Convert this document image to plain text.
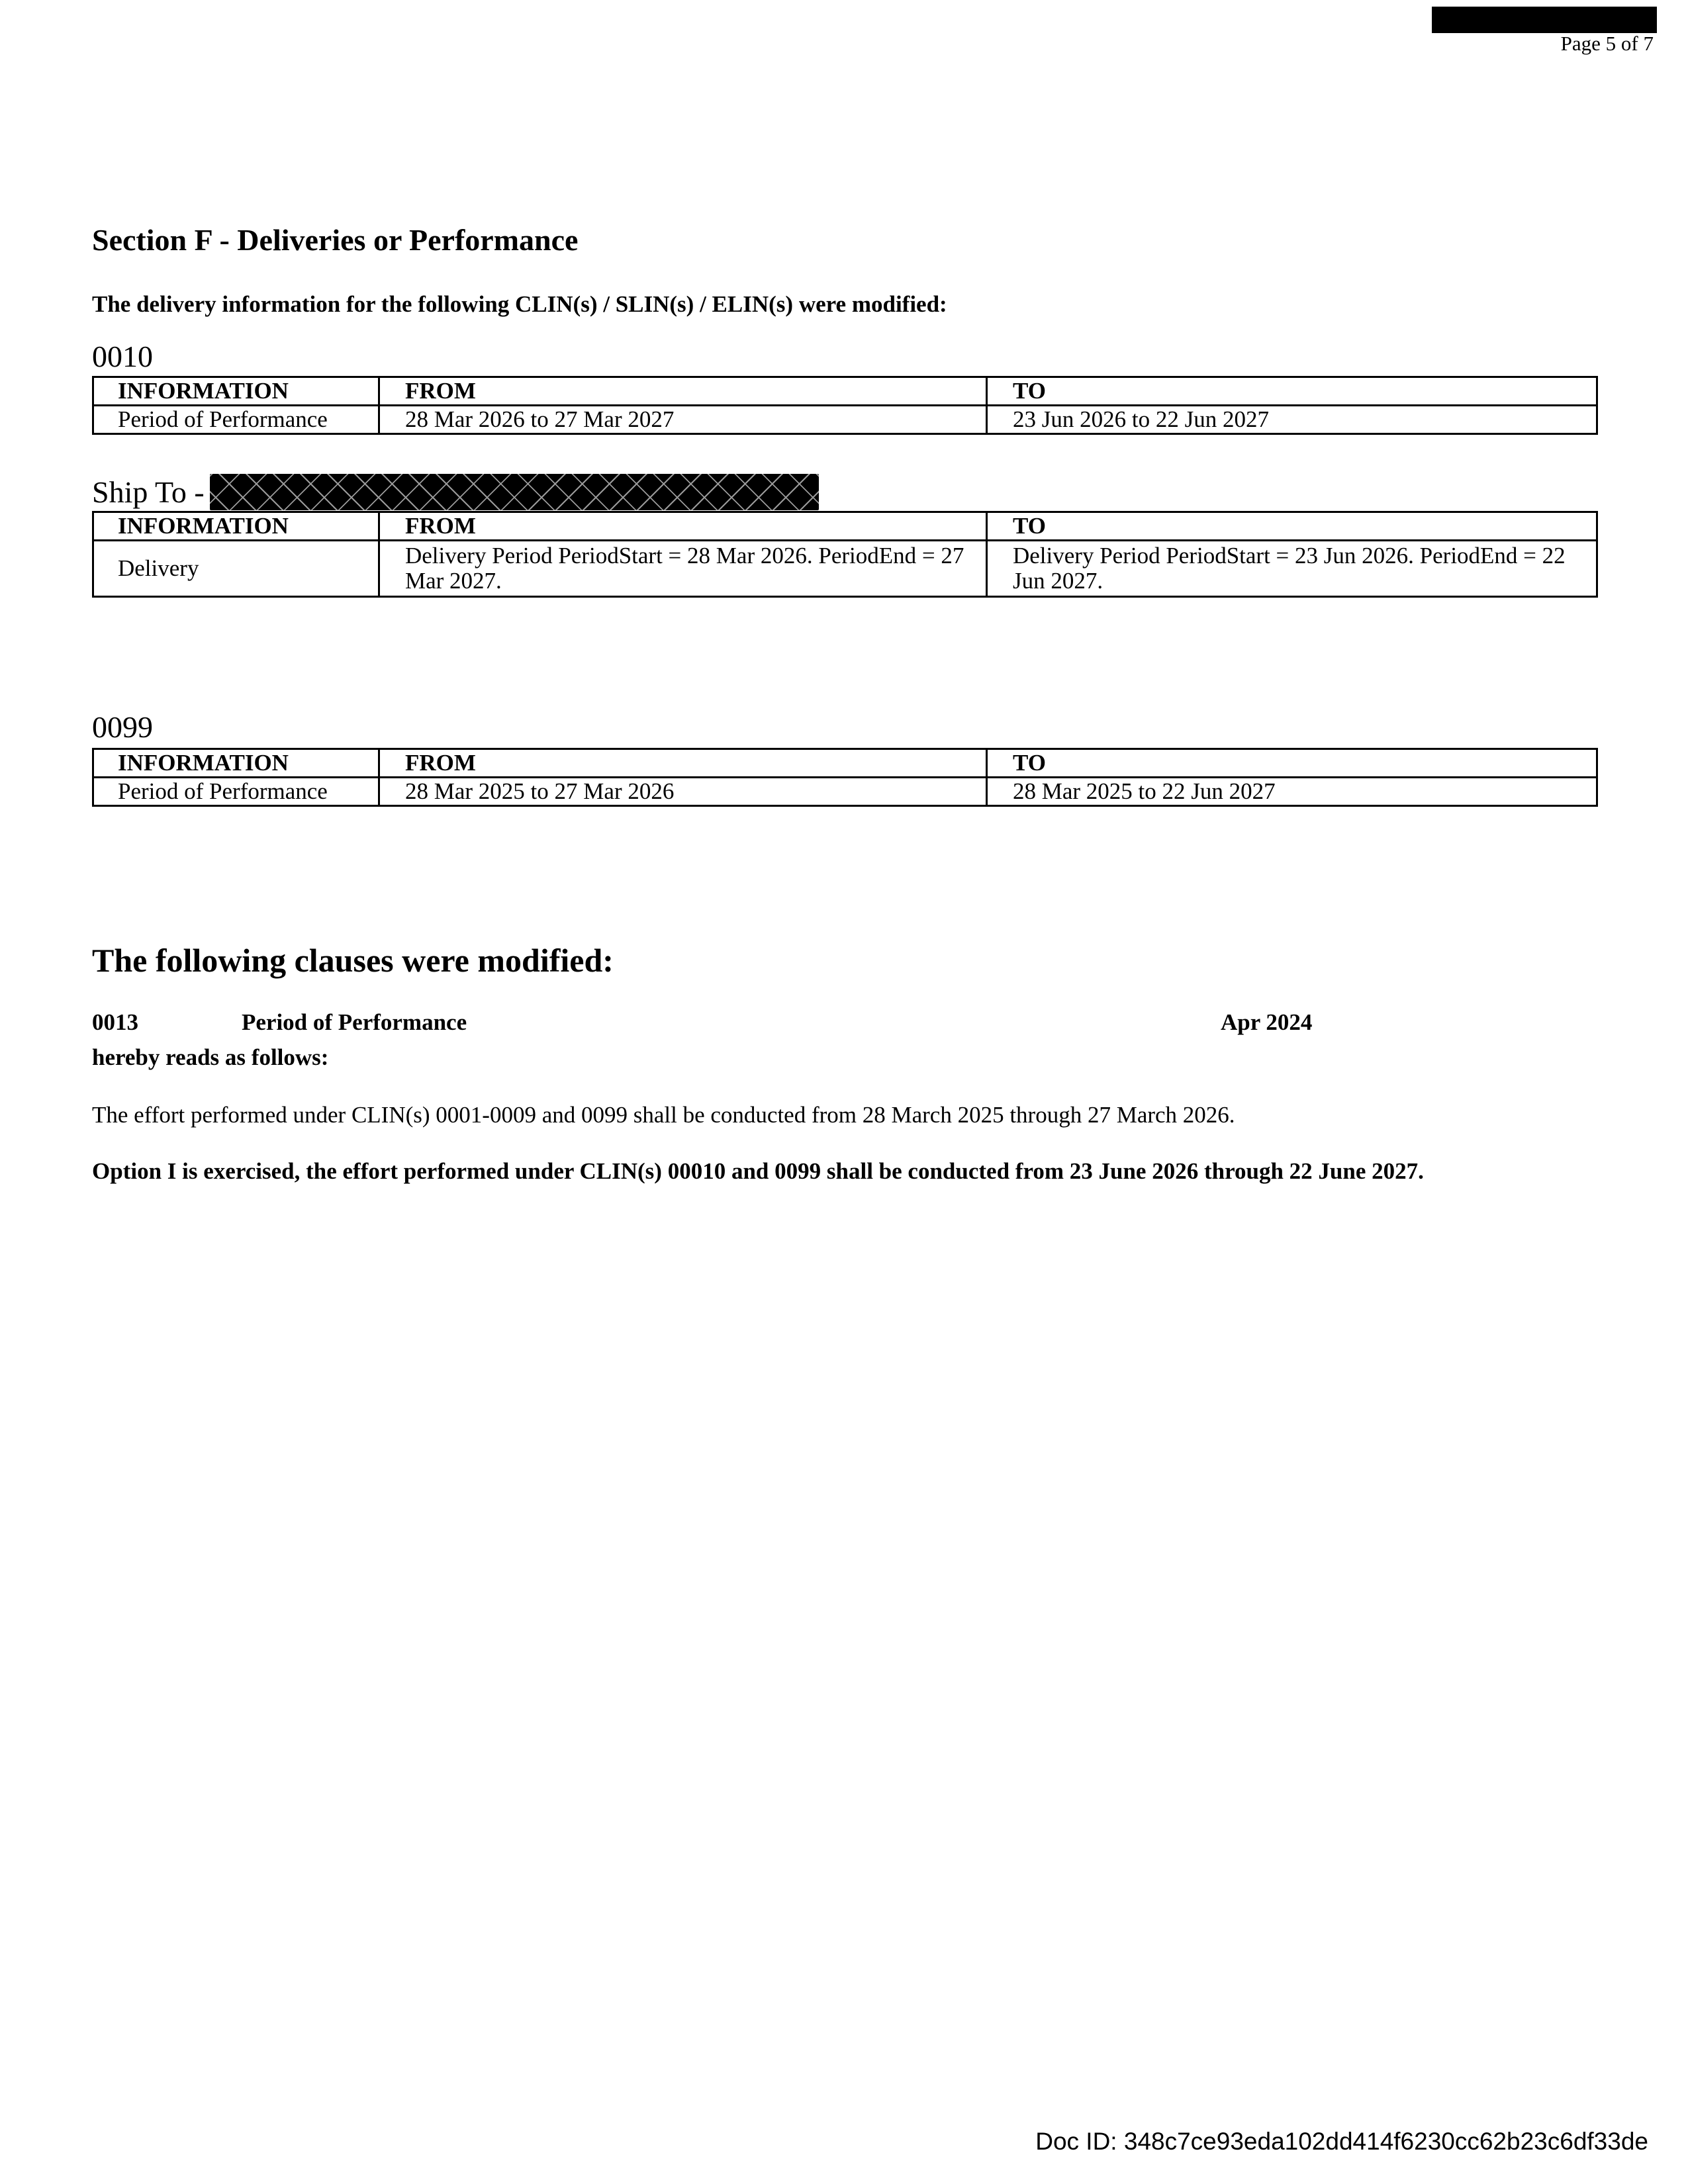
Page 5 of 7
Section F - Deliveries or Performance
The delivery information for the following CLIN(s) / SLIN(s) / ELIN(s) were modified:
0010
INFORMATION	FROM	TO
Period of Performance	28 Mar 2026 to 27 Mar 2027	23 Jun 2026 to 22 Jun 2027
Ship To -
INFORMATION	FROM	TO
Delivery	Delivery Period PeriodStart = 28 Mar 2026. PeriodEnd = 27 Mar 2027.	Delivery Period PeriodStart = 23 Jun 2026. PeriodEnd = 22 Jun 2027.
0099
INFORMATION	FROM	TO
Period of Performance	28 Mar 2025 to 27 Mar 2026	28 Mar 2025 to 22 Jun 2027
The following clauses were modified:
0013	Period of Performance	Apr 2024
hereby reads as follows:
The effort performed under CLIN(s) 0001-0009 and 0099 shall be conducted from 28 March 2025 through 27 March 2026.
Option I is exercised, the effort performed under CLIN(s) 00010 and 0099 shall be conducted from 23 June 2026 through 22 June 2027.
Doc ID: 348c7ce93eda102dd414f6230cc62b23c6df33de
